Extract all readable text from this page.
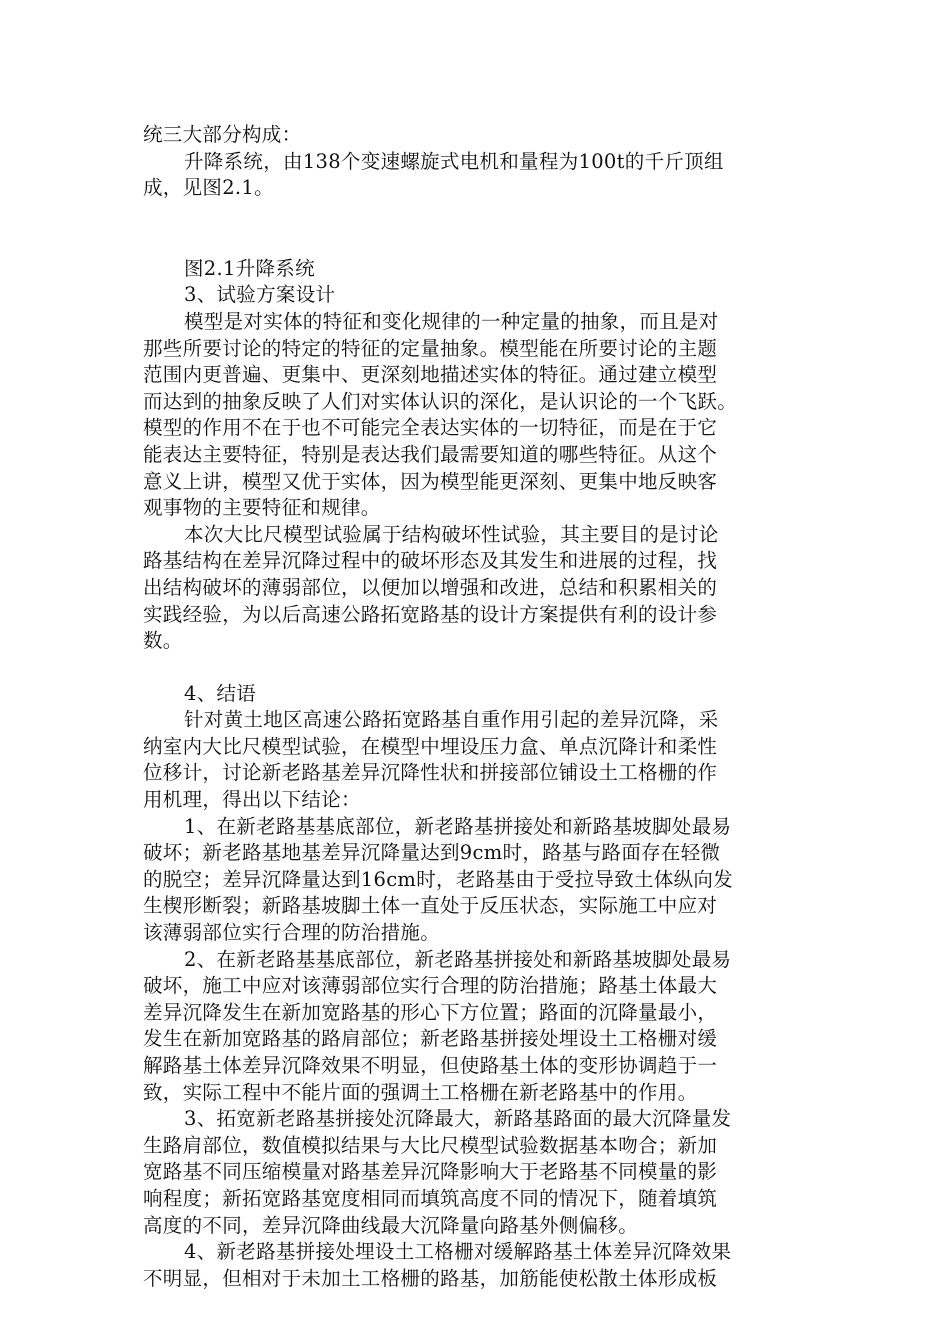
统三大部分构成：
升降系统，由138个变速螺旋式电机和量程为100t的千斤顶组
成，见图2.1。
图2.1升降系统
3、试验方案设计
模型是对实体的特征和变化规律的一种定量的抽象，而且是对
那些所要讨论的特定的特征的定量抽象。模型能在所要讨论的主题
范围内更普遍、更集中、更深刻地描述实体的特征。通过建立模型
而达到的抽象反映了人们对实体认识的深化，是认识论的一个飞跃。
模型的作用不在于也不可能完全表达实体的一切特征，而是在于它
能表达主要特征，特别是表达我们最需要知道的哪些特征。从这个
意义上讲，模型又优于实体，因为模型能更深刻、更集中地反映客
观事物的主要特征和规律。
本次大比尺模型试验属于结构破坏性试验，其主要目的是讨论
路基结构在差异沉降过程中的破坏形态及其发生和进展的过程，找
出结构破坏的薄弱部位，以便加以增强和改进，总结和积累相关的
实践经验，为以后高速公路拓宽路基的设计方案提供有利的设计参
数。
4、结语
针对黄土地区高速公路拓宽路基自重作用引起的差异沉降，采
纳室内大比尺模型试验，在模型中埋设压力盒、单点沉降计和柔性
位移计，讨论新老路基差异沉降性状和拼接部位铺设土工格栅的作
用机理，得出以下结论：
1、在新老路基基底部位，新老路基拼接处和新路基坡脚处最易
破坏；新老路基地基差异沉降量达到9cm时，路基与路面存在轻微
的脱空；差异沉降量达到16cm时，老路基由于受拉导致土体纵向发
生楔形断裂；新路基坡脚土体一直处于反压状态，实际施工中应对
该薄弱部位实行合理的防治措施。
2、在新老路基基底部位，新老路基拼接处和新路基坡脚处最易
破坏，施工中应对该薄弱部位实行合理的防治措施；路基土体最大
差异沉降发生在新加宽路基的形心下方位置；路面的沉降量最小，
发生在新加宽路基的路肩部位；新老路基拼接处埋设土工格栅对缓
解路基土体差异沉降效果不明显，但使路基土体的变形协调趋于一
致，实际工程中不能片面的强调土工格栅在新老路基中的作用。
3、拓宽新老路基拼接处沉降最大，新路基路面的最大沉降量发
生路肩部位，数值模拟结果与大比尺模型试验数据基本吻合；新加
宽路基不同压缩模量对路基差异沉降影响大于老路基不同模量的影
响程度；新拓宽路基宽度相同而填筑高度不同的情况下，随着填筑
高度的不同，差异沉降曲线最大沉降量向路基外侧偏移。
4、新老路基拼接处埋设土工格栅对缓解路基土体差异沉降效果
不明显，但相对于未加土工格栅的路基，加筋能使松散土体形成板
